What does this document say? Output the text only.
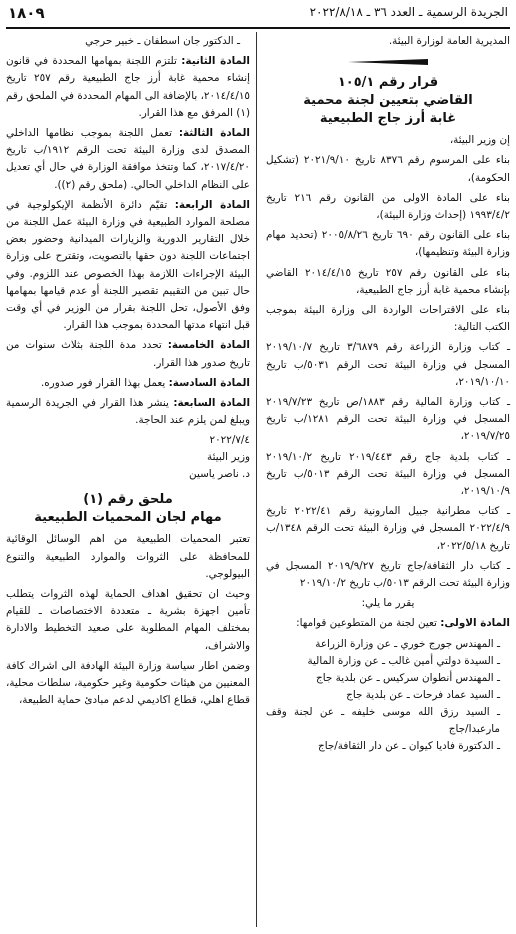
الجريدة الرسمية ـ العدد ٣٦ ـ ٢٠٢٢/٨/١٨
١٨٠٩

المديرية العامة لوزارة البيئة.

قرار رقم ١٠٥/١
القاضي بتعيين لجنة محمية
غابة أرز جاج الطبيعية

إن وزير البيئة،

بناء على المرسوم رقم ٨٣٧٦ تاريخ ٢٠٢١/٩/١٠ (تشكيل الحكومة)،

بناء على المادة الاولى من القانون رقم ٢١٦ تاريخ ١٩٩٣/٤/٢ (إحداث وزارة البيئة)،

بناء على القانون رقم ٦٩٠ تاريخ ٢٠٠٥/٨/٢٦ (تحديد مهام وزارة البيئة وتنظيمها)،

بناء على القانون رقم ٢٥٧ تاريخ ٢٠١٤/٤/١٥ القاضي بإنشاء محمية غابة أرز جاج الطبيعية،

بناء على الاقتراحات الواردة الى وزارة البيئة بموجب الكتب التالية:

ـ كتاب وزارة الزراعة رقم ٣/٦٨٧٩ تاريخ ٢٠١٩/١٠/٧ المسجل في وزارة البيئة تحت الرقم ٥٠٣١/ب تاريخ ٢٠١٩/١٠/١٠،

ـ كتاب وزارة المالية رقم ١٨٨٣/ص تاريخ ٢٠١٩/٧/٢٣ المسجل في وزارة البيئة تحت الرقم ١٢٨١/ب تاريخ ٢٠١٩/٧/٢٥،

ـ كتاب بلدية جاج رقم ٢٠١٩/٤٤٣ تاريخ ٢٠١٩/١٠/٢ المسجل في وزارة البيئة تحت الرقم ٥٠١٣/ب تاريخ ٢٠١٩/١٠/٩،

ـ كتاب مطرانية جبيل المارونية رقم ٢٠٢٢/٤١ تاريخ ٢٠٢٢/٤/٩ المسجل في وزارة البيئة تحت الرقم ١٣٤٨/ب تاريخ ٢٠٢٢/٥/١٨،

ـ كتاب دار الثقافة/جاج تاريخ ٢٠١٩/٩/٢٧ المسجل في وزارة البيئة تحت الرقم ٥٠١٣/ب تاريخ ٢٠١٩/١٠/٢

يقرر ما يلي:

المادة الاولى: تعين لجنة من المتطوعين قوامها:

ـ المهندس جورج خوري ـ عن وزارة الزراعة
ـ السيدة دولتي أمين غالب ـ عن وزارة المالية
ـ المهندس أنطوان سركيس ـ عن بلدية جاج
ـ السيد عماد فرحات ـ عن بلدية جاج
ـ السيد رزق الله موسى خليفه ـ عن لجنة وقف مارعبدا/جاج
ـ الدكتورة فاديا كيوان ـ عن دار الثقافة/جاج

ـ الدكتور جان اسطفان ـ خبير حرجي

المادة الثانية: تلتزم اللجنة بمهامها المحددة في قانون إنشاء محمية غابة أرز جاج الطبيعية رقم ٢٥٧ تاريخ ٢٠١٤/٤/١٥، بالإضافة الى المهام المحددة في الملحق رقم (١) المرفق مع هذا القرار.

المادة الثالثة: تعمل اللجنة بموجب نظامها الداخلي المصدق لدى وزارة البيئة تحت الرقم ١٩١٢/ب تاريخ ٢٠١٧/٤/٢٠، كما وتتخذ موافقة الوزارة في حال أي تعديل على النظام الداخلي الحالي. (ملحق رقم (٢)).

المادة الرابعة: تقيّم دائرة الأنظمة الإيكولوجية في مصلحة الموارد الطبيعية في وزارة البيئة عمل اللجنة من خلال التقارير الدورية والزيارات الميدانية وحضور بعض اجتماعات اللجنة دون حقها بالتصويت، وتقترح على وزارة البيئة الإجراءات اللازمة بهذا الخصوص عند اللزوم. وفي حال تبين من التقييم تقصير اللجنة أو عدم قيامها بمهامها وفق الأصول، تحل اللجنة بقرار من الوزير في أي وقت قبل انتهاء مدتها المحددة بموجب هذا القرار.

المادة الخامسة: تحدد مدة اللجنة بثلاث سنوات من تاريخ صدور هذا القرار.

المادة السادسة: يعمل بهذا القرار فور صدوره.

المادة السابعة: ينشر هذا القرار في الجريدة الرسمية ويبلغ لمن يلزم عند الحاجة.

٢٠٢٢/٧/٤
وزير البيئة
د. ناصر ياسين
ملحق رقم (١)
مهام لجان المحميات الطبيعية

تعتبر المحميات الطبيعية من اهم الوسائل الوقائية للمحافظة على الثروات والموارد الطبيعية والتنوع البيولوجي.

وحيث ان تحقيق اهداف الحماية لهذه الثروات يتطلب تأمين اجهزة بشرية ـ متعددة الاختصاصات ـ للقيام بمختلف المهام المطلوبة على صعيد التخطيط والادارة والاشراف،

وضمن اطار سياسة وزارة البيئة الهادفة الى اشراك كافة المعنيين من هيئات حكومية وغير حكومية، سلطات محلية، قطاع اهلي، قطاع اكاديمي لدعم مبادئ حماية الطبيعة،
